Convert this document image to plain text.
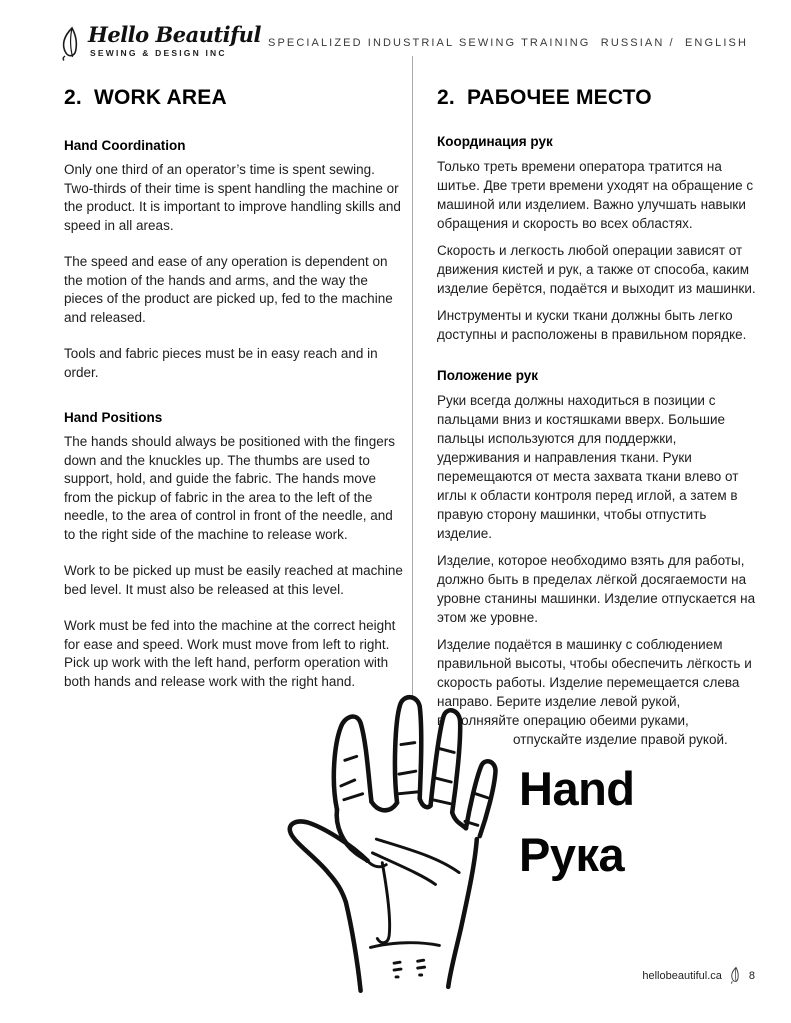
Hello Beautiful
SEWING & DESIGN INC
SPECIALIZED INDUSTRIAL SEWING TRAINING  RUSSIAN /  ENGLISH
2.  WORK AREA
Hand Coordination

Only one third of an operator’s time is spent sewing. Two-thirds of their time is spent handling the machine or the product. It is important to improve handling skills and speed in all areas.

The speed and ease of any operation is dependent on the motion of the hands and arms, and the way the pieces of the product are picked up, fed to the machine and released.

Tools and fabric pieces must be in easy reach and in order.

Hand Positions

The hands should always be positioned with the fingers down and the knuckles up. The thumbs are used to support, hold, and guide the fabric. The hands move from the pickup of fabric in the area to the left of the needle, to the area of control in front of the needle, and to the right side of the machine to release work.

Work to be picked up must be easily reached at machine bed level. It must also be released at this level.

Work must be fed into the machine at the correct height for ease and speed. Work must move from left to right. Pick up work with the left hand, perform operation with both hands and release work with the right hand.

2.  РАБОЧЕЕ МЕСТО
Координация рук

Только треть времени оператора тратится на шитье. Две трети времени уходят на обращение с машиной или изделием. Важно улучшать навыки обращения и скорость во всех областях.

Скорость и легкость любой операции зависят от движения кистей и рук, а также от способа, каким изделие берётся, подаётся и выходит из машинки.

Инструменты и куски ткани должны быть легко доступны и расположены в правильном порядке.

Положение рук

Руки всегда должны находиться в позиции с пальцами вниз и костяшками вверх. Большие пальцы используются для поддержки, удерживания и направления ткани. Руки перемещаются от места захвата ткани влево от иглы к области контроля перед иглой, а затем в правую сторону машинки, чтобы отпустить изделие.

Изделие, которое необходимо взять для работы, должно быть в пределах лёгкой досягаемости на уровне станины машинки. Изделие отпускается на этом же уровне.

Изделие подаётся в машинку с соблюдением правильной высоты, чтобы обеспечить лёгкость и скорость работы. Изделие перемещается слева направо. Берите изделие левой рукой, выполняяйте операцию обеими руками,

отпускайте изделие правой рукой.

Hand
Рука
hellobeautiful.ca 8
